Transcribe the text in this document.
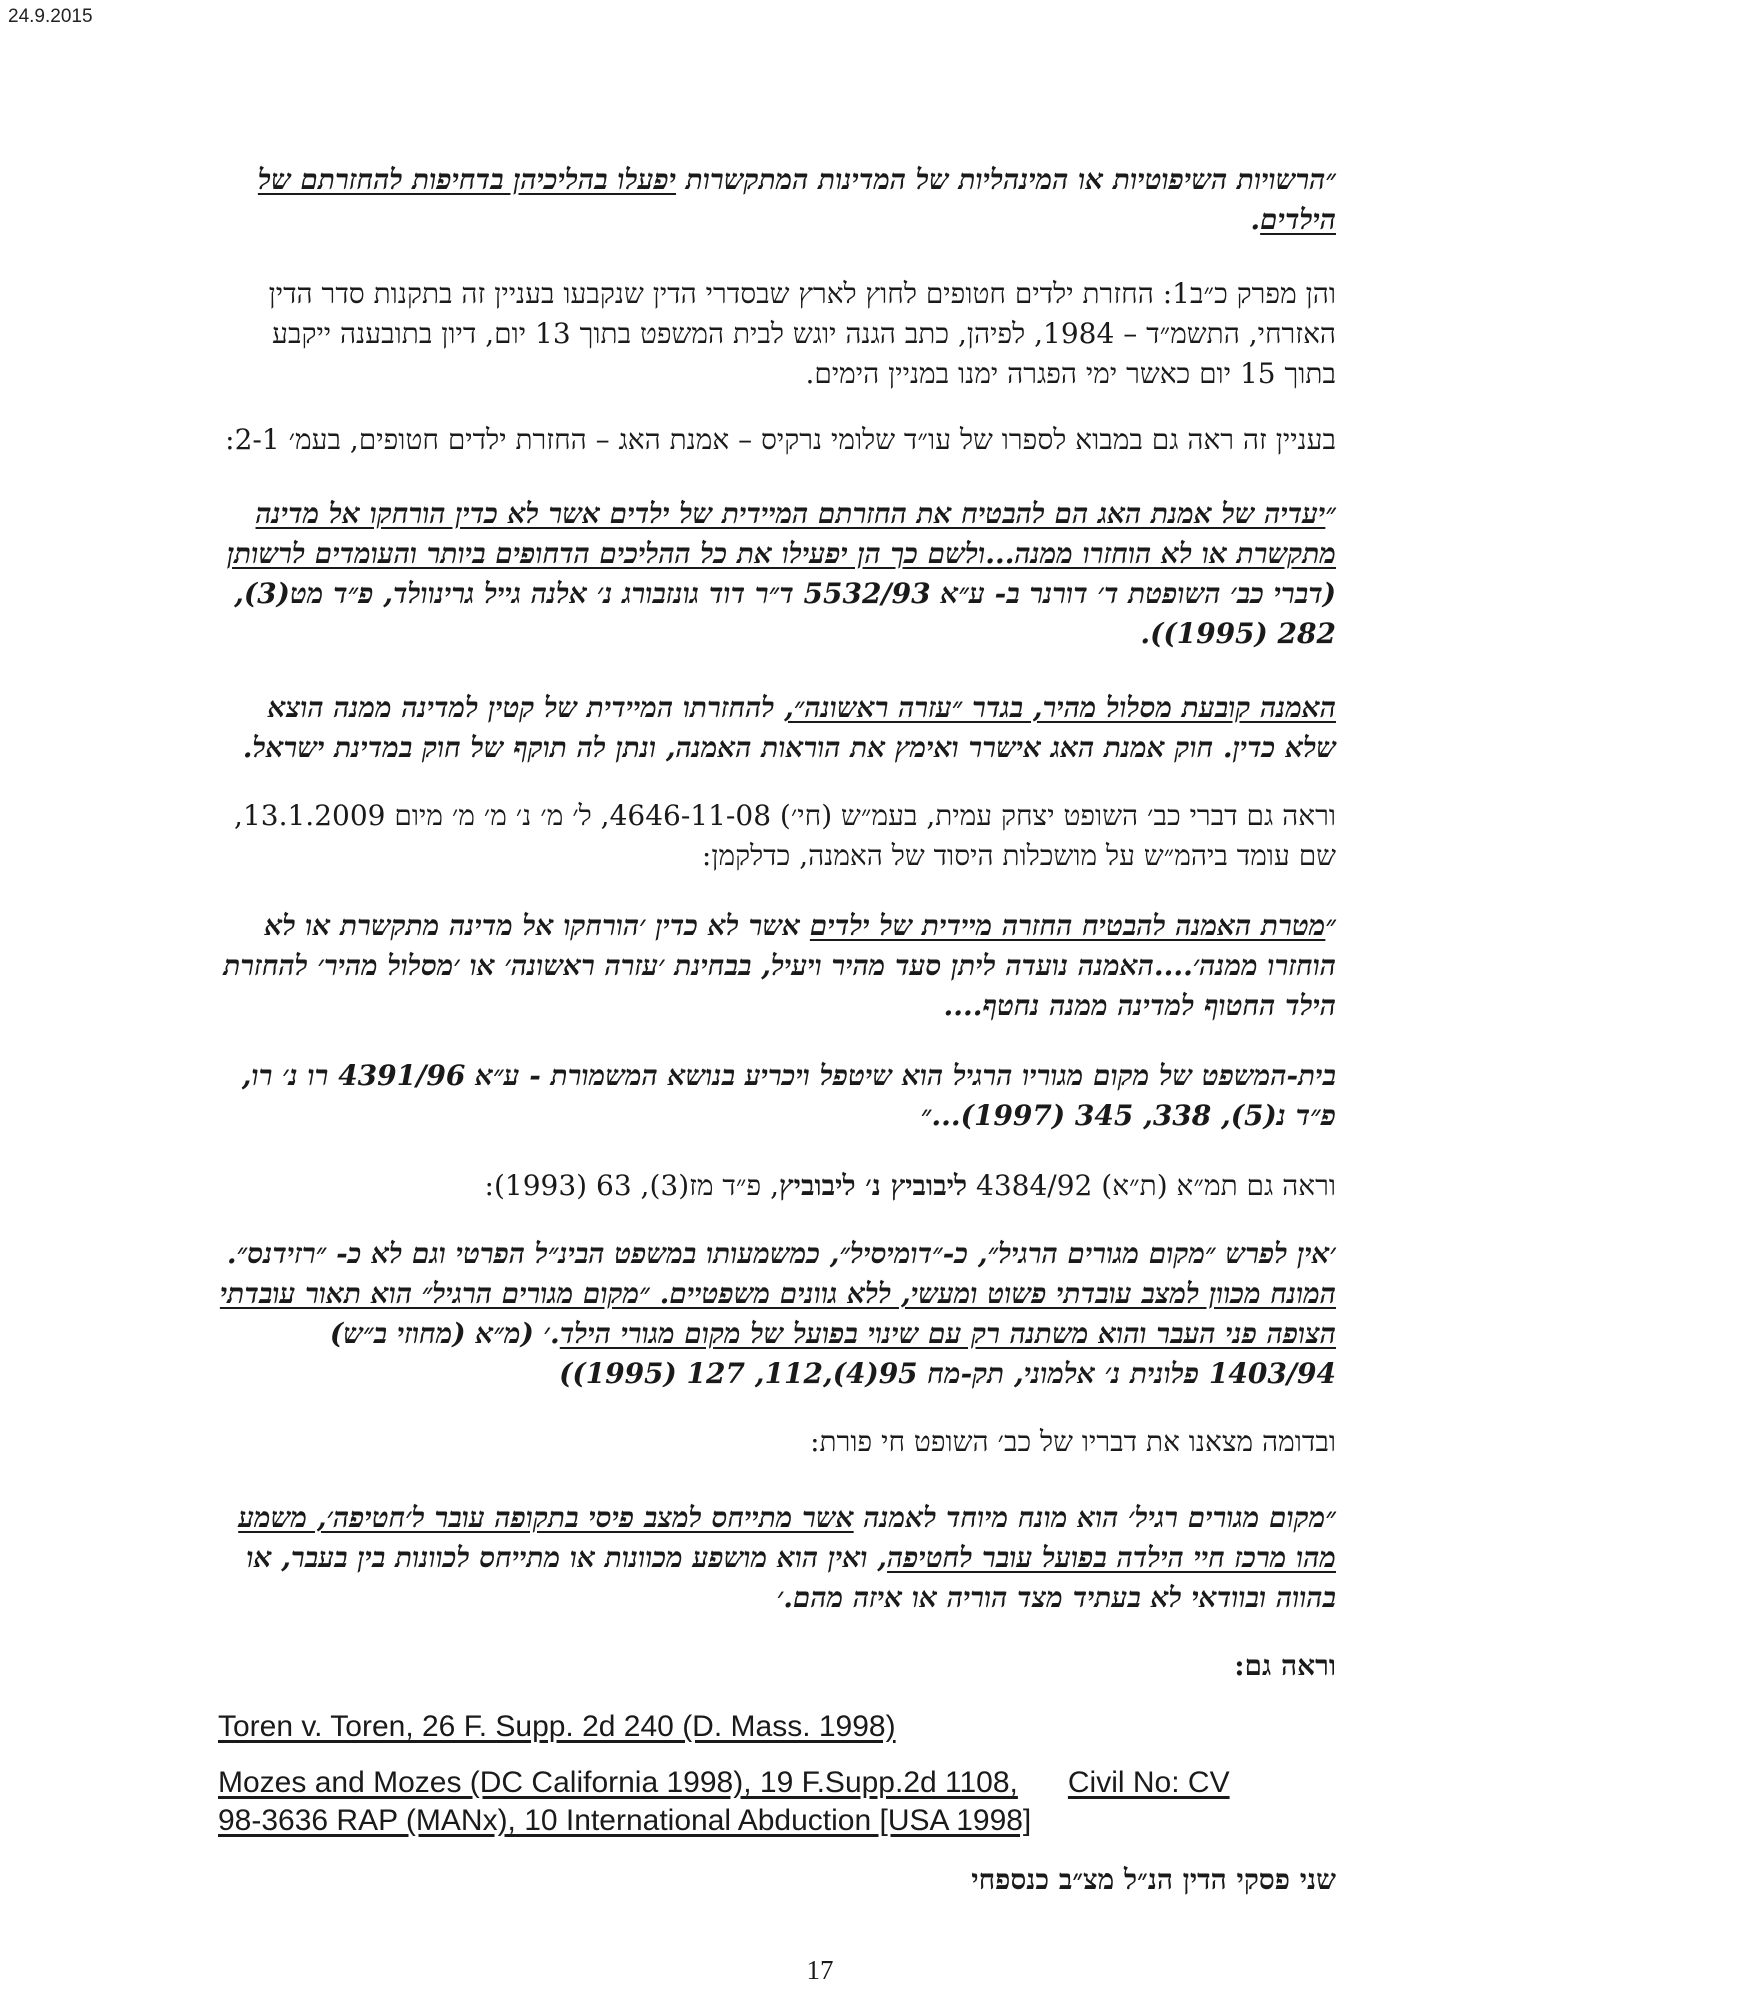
24.9.2015

״הרשויות השיפוטיות או המינהליות של המדינות המתקשרות יפעלו בהליכיהן בדחיפות להחזרתם של הילדים.

והן מפרק כ״ב1: החזרת ילדים חטופים לחוץ לארץ שבסדרי הדין שנקבעו בעניין זה בתקנות סדר הדין האזרחי, התשמ״ד – 1984, לפיהן, כתב הגנה יוגש לבית המשפט בתוך 13 יום, דיון בתובענה ייקבע בתוך 15 יום כאשר ימי הפגרה ימנו במניין הימים.

בעניין זה ראה גם במבוא לספרו של עו״ד שלומי נרקיס – אמנת האג – החזרת ילדים חטופים, בעמ׳ 2-1:

״יעדיה של אמנת האג הם להבטיח את החזרתם המיידית של ילדים אשר לא כדין הורחקו אל מדינה מתקשרת או לא הוחזרו ממנה...ולשם כך הן יפעילו את כל ההליכים הדחופים ביותר והעומדים לרשותן (דברי כב׳ השופטת ד׳ דורנר ב- ע״א 5532/93 ד״ר דוד גונזבורג נ׳ אלנה גייל גרינוולד, פ״ד מט(3), 282 (1995)).

האמנה קובעת מסלול מהיר, בגדר ״עזרה ראשונה״, להחזרתו המיידית של קטין למדינה ממנה הוצא שלא כדין. חוק אמנת האג אישרר ואימץ את הוראות האמנה, ונתן לה תוקף של חוק במדינת ישראל.

וראה גם דברי כב׳ השופט יצחק עמית, בעמ״ש (חי׳) 4646-11-08, ל׳ מ׳ נ׳ מ׳ מ׳ מיום 13.1.2009, שם עומד ביהמ״ש על מושכלות היסוד של האמנה, כדלקמן:

״מטרת האמנה להבטיח החזרה מיידית של ילדים אשר לא כדין ׳הורחקו אל מדינה מתקשרת או לא הוחזרו ממנה׳....האמנה נועדה ליתן סעד מהיר ויעיל, בבחינת ׳עזרה ראשונה׳ או ׳מסלול מהיר׳ להחזרת הילד החטוף למדינה ממנה נחטף....

בית-המשפט של מקום מגוריו הרגיל הוא שיטפל ויכריע בנושא המשמורת - ע״א 4391/96 רו נ׳ רו, פ״ד נ(5), 338, 345 (1997)...״

וראה גם תמ״א (ת״א) 4384/92 ליבוביץ נ׳ ליבוביץ, פ״ד מז(3), 63 (1993):

׳אין לפרש ״מקום מגורים הרגיל״, כ-״דומיסיל״, כמשמעותו במשפט הבינ״ל הפרטי וגם לא כ- ״רזידנס״. המונח מכוון למצב עובדתי פשוט ומעשי, ללא גוונים משפטיים. ״מקום מגורים הרגיל״ הוא תאור עובדתי הצופה פני העבר והוא משתנה רק עם שינוי בפועל של מקום מגורי הילד.׳ (מ״א (מחוזי ב״ש) 1403/94 פלונית נ׳ אלמוני, תק-מח 95(4),112, 127 (1995))

ובדומה מצאנו את דבריו של כב׳ השופט חי פורת:

״מקום מגורים רגיל׳ הוא מונח מיוחד לאמנה אשר מתייחס למצב פיסי בתקופה עובר ל׳חטיפה׳, משמע מהו מרכז חיי הילדה בפועל עובר לחטיפה, ואין הוא מושפע מכוונות או מתייחס לכוונות בין בעבר, או בהווה ובוודאי לא בעתיד מצד הוריה או איזה מהם.׳

וראה גם:

Toren v. Toren, 26 F. Supp. 2d 240 (D. Mass. 1998)

Mozes and Mozes (DC California 1998), 19 F.Supp.2d 1108, Civil No: CV
98-3636 RAP (MANx), 10 International Abduction [USA 1998]

שני פסקי הדין הנ״ל מצ״ב כנספחי

17
